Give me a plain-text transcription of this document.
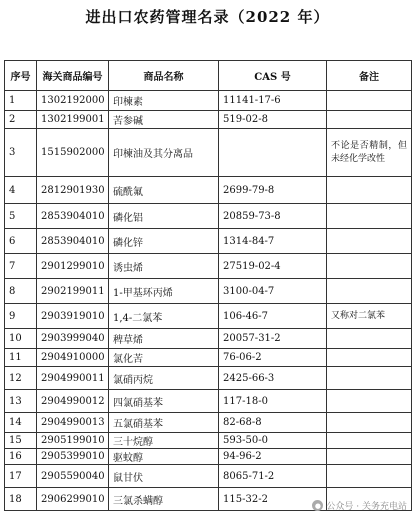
进出口农药管理名录（2022 年）
序号	海关商品编号	商品名称	CAS 号	备注
1	1302192000	印楝素	11141-17-6	
2	1302199001	苦参碱	519-02-8	
3	1515902000	印楝油及其分离品		不论是否精制，但未经化学改性
4	2812901930	硫酰氟	2699-79-8	
5	2853904010	磷化铝	20859-73-8	
6	2853904010	磷化锌	1314-84-7	
7	2901299010	诱虫烯	27519-02-4	
8	2902199011	1-甲基环丙烯	3100-04-7	
9	2903919010	1,4-二氯苯	106-46-7	又称对二氯苯
10	2903999040	稗草烯	20057-31-2	
11	2904910000	氯化苦	76-06-2	
12	2904990011	氯硝丙烷	2425-66-3	
13	2904990012	四氯硝基苯	117-18-0	
14	2904990013	五氯硝基苯	82-68-8	
15	2905199010	三十烷醇	593-50-0	
16	2905399010	驱蚊醇	94-96-2	
17	2905590040	鼠甘伏	8065-71-2	
18	2906299010	三氯杀螨醇	115-32-2	
● 公众号 · 关务充电站
